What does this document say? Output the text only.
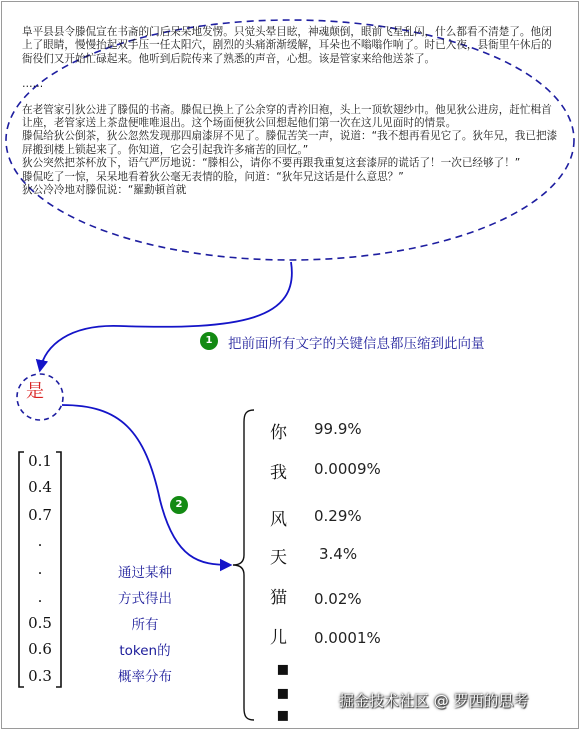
阜平县县令滕侃宣在书斋的门后呆呆地发愣。只觉头晕目眩，神魂颠倒，眼前飞星乱闪，什么都看不清楚了。他闭上了眼睛，慢慢抬起双手压一任太阳穴，剧烈的头痛渐渐缓解，耳朵也不嗡嗡作响了。时已入夜，县衙里午休后的衙役们又开始忙碌起来。他听到后院传来了熟悉的声音，心想。该是管家来给他送茶了。

……

在老管家引狄公进了滕侃的书斋。滕侃已换上了公余穿的青衿旧袍，头上一顶软翅纱巾。他见狄公进房，赶忙楫首让座，老管家送上茶盘便唯唯退出。这个场面便狄公回想起他们第一次在这儿见面时的情景。

滕侃给狄公倒茶，狄公忽然发现那四扇漆屏不见了。滕侃苦笑一声，说道：“我不想再看见它了。狄年兄，我已把漆屏搬到楼上锁起来了。你知道，它会引起我许多痛苦的回忆。”

狄公突然把茶杯放下，语气严厉地说：“滕相公，请你不要再跟我重复这套漆屏的谎话了！一次已经够了！”

滕侃吃了一惊，呆呆地看着狄公毫无表情的脸，问道：“狄年兄这话是什么意思？”

狄公冷冷地对滕侃说：“羅勳頓首就

1	把前面所有文字的关键信息都压缩到此向量
是
2
0.1
0.4
0.7
.
.
.
0.5
0.6
0.3
通过某种
方式得出
所有
token的
概率分布
你 99.9%
我 0.0009%
风 0.29%
天 3.4%
猫 0.02%
儿 0.0001%
▪
▪
▪
掘金技术社区 @ 罗西的思考
